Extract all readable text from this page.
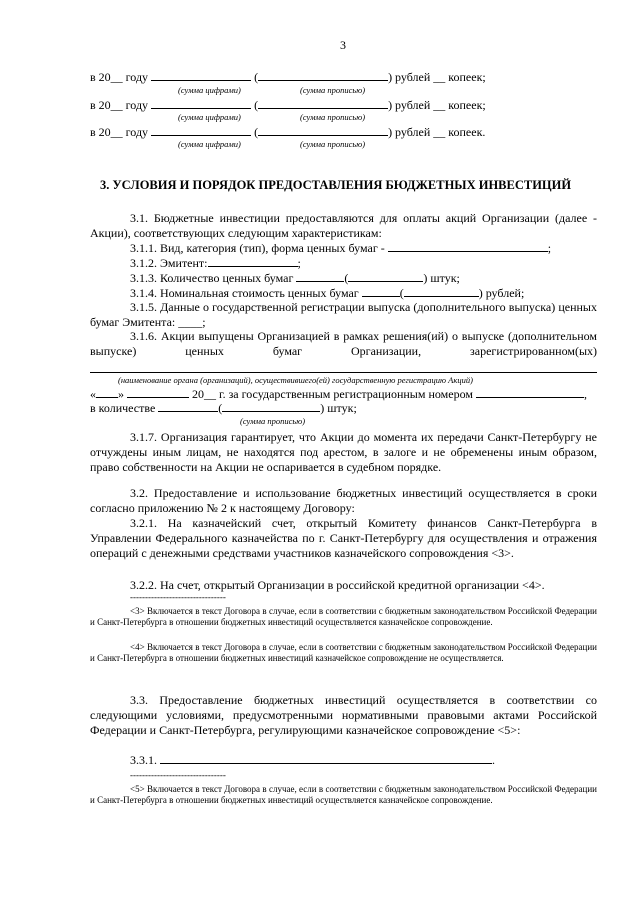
3
в 20__ году	(	) рублей __ копеек;
(сумма цифрами)	(сумма прописью)
в 20__ году	(	) рублей __ копеек;
(сумма цифрами)	(сумма прописью)
в 20__ году	(	) рублей __ копеек.
(сумма цифрами)	(сумма прописью)
3. УСЛОВИЯ И ПОРЯДОК ПРЕДОСТАВЛЕНИЯ БЮДЖЕТНЫХ ИНВЕСТИЦИЙ
3.1. Бюджетные инвестиции предоставляются для оплаты акций Организации (далее - Акции), соответствующих следующим характеристикам:
3.1.1. Вид, категория (тип), форма ценных бумаг -	;
3.1.2. Эмитент:	;
3.1.3. Количество ценных бумаг	(	) штук;
3.1.4. Номинальная стоимость ценных бумаг	(	) рублей;
3.1.5. Данные о государственной регистрации выпуска (дополнительного выпуска) ценных бумаг Эмитента: ____;
3.1.6. Акции выпущены Организацией в рамках решения(ий) о выпуске (дополнительном выпуске) ценных бумаг Организации, зарегистрированном(ых)
(наименование органа (организаций), осуществившего(ей) государственную регистрацию Акций)
« »	20__ г. за государственным регистрационным номером	,
в количестве	(	) штук;
(сумма прописью)
3.1.7. Организация гарантирует, что Акции до момента их передачи Санкт-Петербургу не отчуждены иным лицам, не находятся под арестом, в залоге и не обременены иным образом, право собственности на Акции не оспаривается в судебном порядке.
3.2. Предоставление и использование бюджетных инвестиций осуществляется в сроки согласно приложению № 2 к настоящему Договору:
3.2.1. На казначейский счет, открытый Комитету финансов Санкт-Петербурга в Управлении Федерального казначейства по г. Санкт-Петербургу для осуществления и отражения операций с денежными средствами участников казначейского сопровождения <3>.
3.2.2. На счет, открытый Организации в российской кредитной организации <4>.
--------------------------------
<3> Включается в текст Договора в случае, если в соответствии с бюджетным законодательством Российской Федерации и Санкт-Петербурга в отношении бюджетных инвестиций осуществляется казначейское сопровождение.
<4> Включается в текст Договора в случае, если в соответствии с бюджетным законодательством Российской Федерации и Санкт-Петербурга в отношении бюджетных инвестиций казначейское сопровождение не осуществляется.
3.3. Предоставление бюджетных инвестиций осуществляется в соответствии со следующими условиями, предусмотренными нормативными правовыми актами Российской Федерации и Санкт-Петербурга, регулирующими казначейское сопровождение <5>:
3.3.1.	.
--------------------------------
<5> Включается в текст Договора в случае, если в соответствии с бюджетным законодательством Российской Федерации и Санкт-Петербурга в отношении бюджетных инвестиций осуществляется казначейское сопровождение.
